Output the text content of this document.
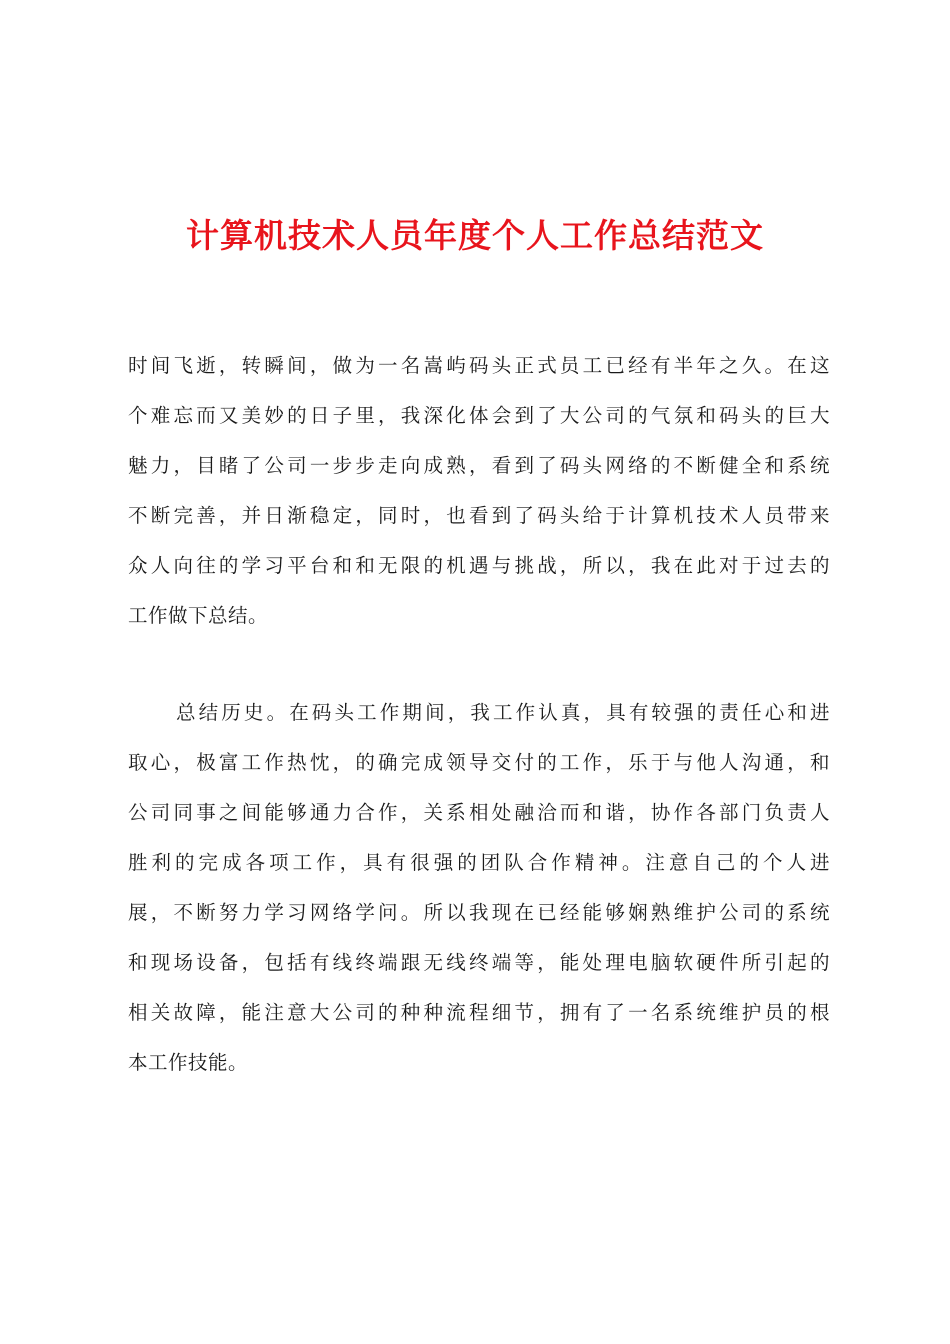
计算机技术人员年度个人工作总结范文
时间飞逝，转瞬间，做为一名嵩屿码头正式员工已经有半年之久。在这
个难忘而又美妙的日子里，我深化体会到了大公司的气氛和码头的巨大
魅力，目睹了公司一步步走向成熟，看到了码头网络的不断健全和系统
不断完善，并日渐稳定，同时，也看到了码头给于计算机技术人员带来
众人向往的学习平台和和无限的机遇与挑战，所以，我在此对于过去的
工作做下总结。
总结历史。在码头工作期间，我工作认真，具有较强的责任心和进
取心，极富工作热忱，的确完成领导交付的工作，乐于与他人沟通，和
公司同事之间能够通力合作，关系相处融洽而和谐，协作各部门负责人
胜利的完成各项工作，具有很强的团队合作精神。注意自己的个人进
展，不断努力学习网络学问。所以我现在已经能够娴熟维护公司的系统
和现场设备，包括有线终端跟无线终端等，能处理电脑软硬件所引起的
相关故障，能注意大公司的种种流程细节，拥有了一名系统维护员的根
本工作技能。
